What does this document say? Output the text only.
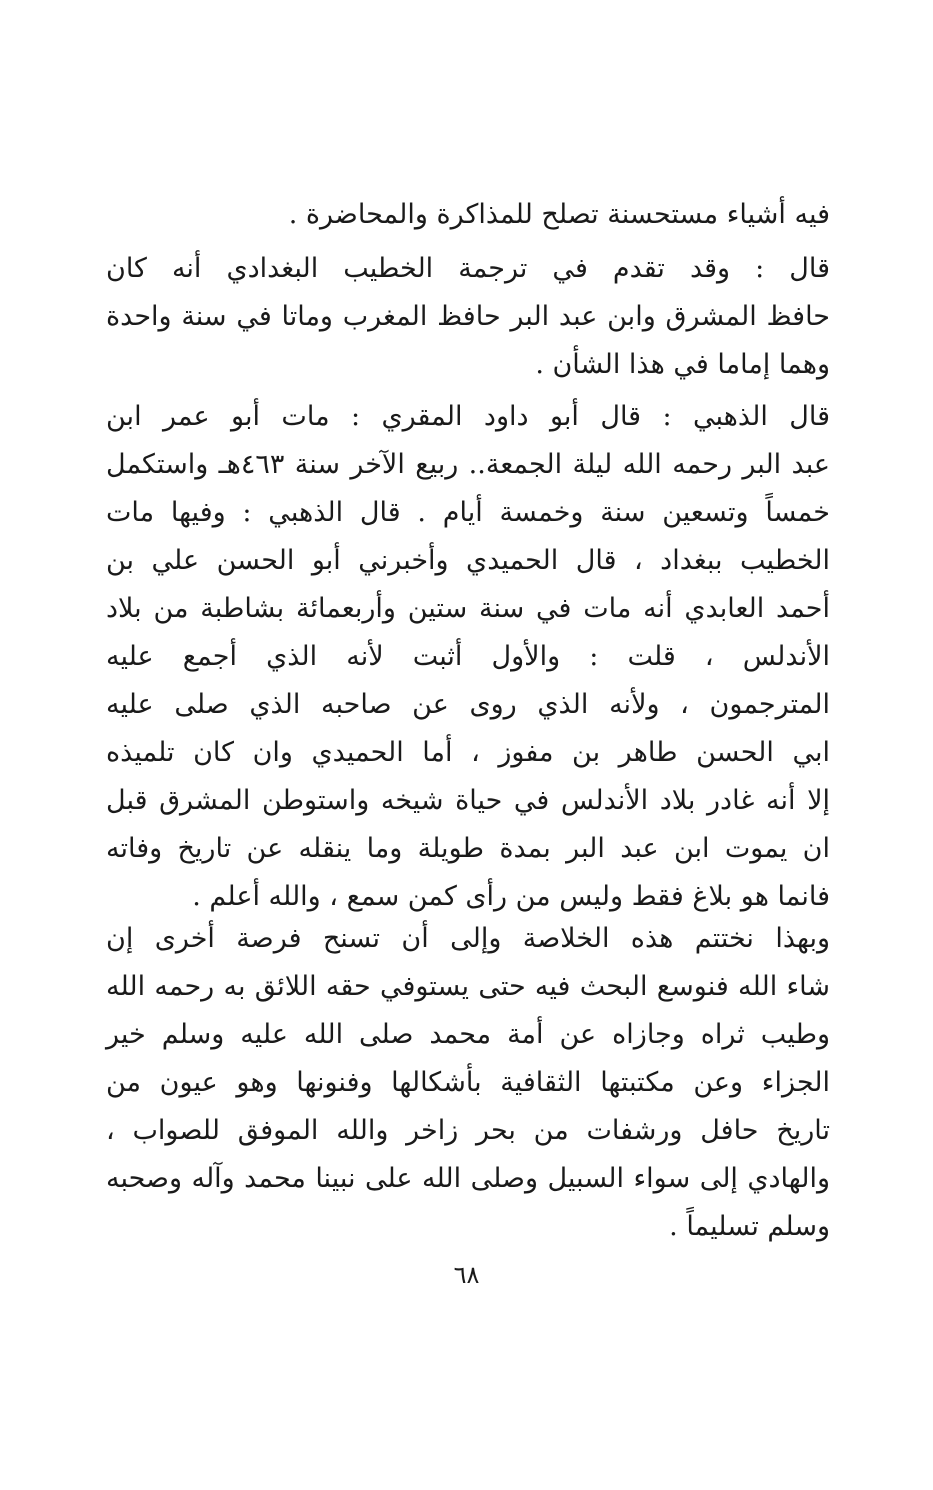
فيه أشياء مستحسنة تصلح للمذاكرة والمحاضرة .
قال : وقد تقدم في ترجمة الخطيب البغدادي أنه كان
حافظ المشرق وابن عبد البر حافظ المغرب وماتا في سنة واحدة
وهما إماما في هذا الشأن .
قال الذهبي : قال أبو داود المقري : مات أبو عمر ابن
عبد البر رحمه الله ليلة الجمعة.. ربيع الآخر سنة ٤٦٣هـ واستكمل
خمساً وتسعين سنة وخمسة أيام . قال الذهبي : وفيها مات
الخطيب ببغداد ، قال الحميدي وأخبرني أبو الحسن علي بن
أحمد العابدي أنه مات في سنة ستين وأربعمائة بشاطبة من بلاد
الأندلس ، قلت : والأول أثبت لأنه الذي أجمع عليه
المترجمون ، ولأنه الذي روى عن صاحبه الذي صلى عليه
ابي الحسن طاهر بن مفوز ، أما الحميدي وان كان تلميذه
إلا أنه غادر بلاد الأندلس في حياة شيخه واستوطن المشرق قبل
ان يموت ابن عبد البر بمدة طويلة وما ينقله عن تاريخ وفاته
فانما هو بلاغ فقط وليس من رأى كمن سمع ، والله أعلم .
وبهذا نختتم هذه الخلاصة وإلى أن تسنح فرصة أخرى إن
شاء الله فنوسع البحث فيه حتى يستوفي حقه اللائق به رحمه الله
وطيب ثراه وجازاه عن أمة محمد صلى الله عليه وسلم خير
الجزاء وعن مكتبتها الثقافية بأشكالها وفنونها وهو عيون من
تاريخ حافل ورشفات من بحر زاخر والله الموفق للصواب ،
والهادي إلى سواء السبيل وصلى الله على نبينا محمد وآله وصحبه
وسلم تسليماً .
٦٨
